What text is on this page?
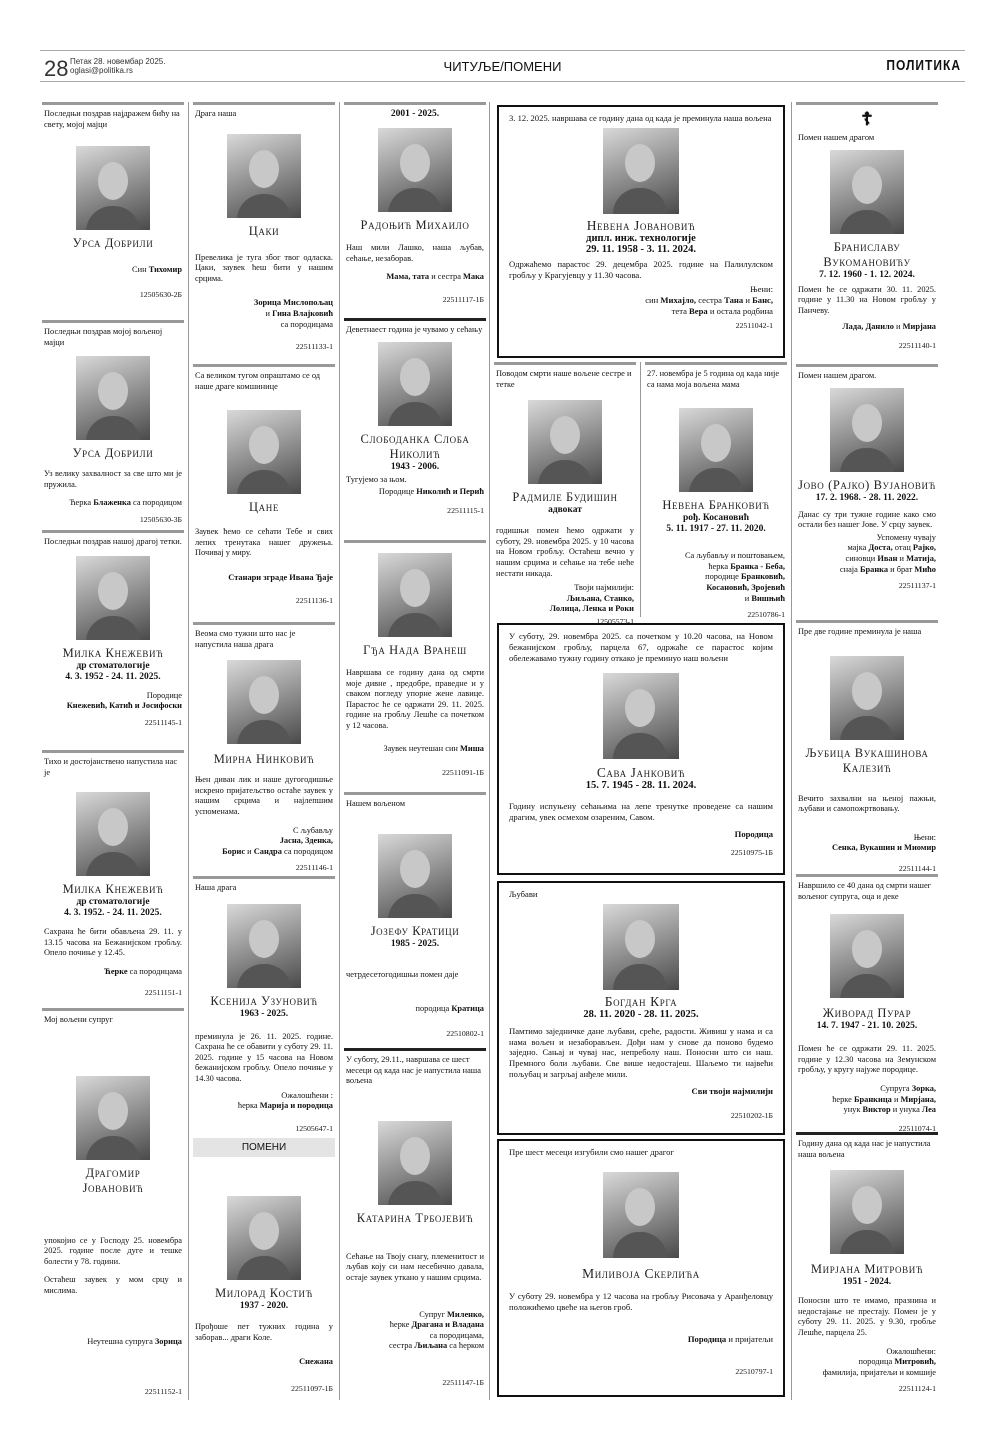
28 Петак 28. новембар 2025.
oglasi@politika.rs	ЧИТУЉЕ/ПОМЕНИ	ПОЛИТИКА
Последњи поздрав најдражем бићу на свету, мојој мајци
Урса Добрили
Син Тихомир
12505630-2Б
Последњи поздрав мојој вољеној мајци
Урса Добрили
Уз велику захвалност за све што ми је пружила.
Ћерка Блаженка са породицом
12505630-3Б
Последњи поздрав нашој драгој тетки.
Милка Кнежевић
др стоматологије
4. 3. 1952 - 24. 11. 2025.
Породице
Кнежевић, Катић и Јосифоски
22511145-1
Тихо и достојанствено напустила нас је
Милка Кнежевић
др стоматологије
4. 3. 1952. - 24. 11. 2025.
Сахрана ће бити обављена 29. 11. у 13.15 часова на Бежанијском гробљу. Опело почиње у 12.45.
Ћерке са породицама
22511151-1
Мој вољени супруг
Драгомир Јовановић
упокојио се у Господу 25. новембра 2025. године после дуге и тешке болести у 78. години.
Остаћеш заувек у мом срцу и мислима.
Неутешна супруга Зорица
22511152-1
Драга наша
Цаки
Превелика је туга због твог одласка. Цаки, заувек ћеш бити у нашим срцима.
Зорица Мислопољац
и Гина Влајковић
са породицама
22511133-1
Са великом тугом опраштамо се од наше драге комшинице
Цане
Заувек ћемо се сећати Тебе и свих лепих тренутака нашег дружења. Почивај у миру.
Станари зграде Ивана Ђаје
22511136-1
Веома смо тужни што нас је напустила наша драга
Мирна Нинковић
Њен диван лик и наше дугогодишње искрено пријатељство остаће заувек у нашим срцима и најлепшим успоменама.
С љубављу
Јасна, Зденка,
Борис и Сандра са породицом
22511146-1
Наша драга
Ксенија Узуновић
1963 - 2025.
преминула је 26. 11. 2025. године. Сахрана ће се обавити у суботу 29. 11. 2025. године у 15 часова на Новом бежанијском гробљу. Опело почиње у 14.30 часова.
Ожалошћени :
ћерка Марија и породица
12505647-1
ПОМЕНИ
Милорад Костић
1937 - 2020.
Прођоше пет тужних година у заборав... драги Коле.
Снежана
22511097-1Б
2001 - 2025.
Радоњић Михаило
Наш мили Лашко, наша љубав, сећање, незаборав.
Мама, тата и сестра Мака
22511117-1Б
Деветнаест година је чувамо у сећању
Слободанка Слоба Николић
1943 - 2006.
Тугујемо за њом.
Породице Николић и Перић
22511115-1
Гђа Нада Вранеш
Навршава се годину дана од смрти моје дивне , предобре, праведне и у сваком погледу упорне жене лавице. Парастос ће се одржати 29. 11. 2025. године на гробљу Лешће са почетком у 12 часова.
Заувек неутешан син Миша
22511091-1Б
Нашем вољеном
Јозефу Кратици
1985 - 2025.
четрдесетогодишњи помен даје
породица Кратица
22510802-1
У суботу, 29.11., навршава се шест месеци од када нас је напустила наша вољена
Катарина Трбојевић
Сећање на Твоју снагу, племенитост и љубав коју си нам несебично давала, остаје заувек уткано у нашим срцима.
Супруг Миленко,
ћерке Драгана и Владана
са породицама,
сестра Љиљана са ћерком
22511147-1Б
3. 12. 2025. навршава се годину дана од када је преминула наша вољена
Невена Јовановић
дипл. инж. технологије
29. 11. 1958 - 3. 11. 2024.
Одржаћемо парастос 29. децембра 2025. године на Палилулском гробљу у Крагујевцу у 11.30 часова.
Њени:
син Михајло, сестра Тана и Банс,
тета Вера и остала родбина
22511042-1
Поводом смрти наше вољене сестре и тетке
Радмиле Будишин
адвокат
годишњи помен ћемо одржати у суботу, 29. новембра 2025. у 10 часова на Новом гробљу. Остаћеш вечно у нашим срцима и сећање на тебе неће нестати никада.
Твоји најмилији:
Љиљана, Станко,
Лолица, Ленка и Роки
12505573-1
27. новембра је 5 година од када није са нама моја вољена мама
Невена Бранковић
рођ. Косановић
5. 11. 1917 - 27. 11. 2020.
Са љубављу и поштовањем,
ћерка Бранка - Беба,
породице Бранковић,
Косановић, Зројевић
и Вишњић
22510786-1
У суботу, 29. новембра 2025. са почетком у 10.20 часова, на Новом бежанијском гробљу, парцела 67, одржаће се парастос којим обележавамо тужну годину откако је преминуо наш вољени
Сава Јанковић
15. 7. 1945 - 28. 11. 2024.
Годину испуњену сећањима на лепе тренутке проведене са нашим драгим, увек осмехом озареним, Савом.
Породица
22510975-1Б
Љубави
Богдан Крга
28. 11. 2020 - 28. 11. 2025.
Памтимо заједничке дане љубави, среће, радости. Живиш у нама и са нама вољен и незаборављен. Дођи нам у снове да поново будемо заједно. Сањај и чувај нас, непреболу наш. Поносни што си наш. Премного боли љубави. Све више недостајеш. Шаљемо ти највећи пољубац и загрљај анђеле мили.
Сви твоји најмилији
22510202-1Б
Пре шест месеци изгубили смо нашег драгог
Миливоја Скерлића
У суботу 29. новембра у 12 часова на гробљу Рисовача у Аранђеловцу положићемо цвеће на његов гроб.
Породица и пријатељи
22510797-1
☦
Помен нашем драгом
Браниславу Вукомановићу
7. 12. 1960 - 1. 12. 2024.
Помен ће се одржати 30. 11. 2025. године у 11.30 на Новом гробљу у Панчеву.
Лада, Данило и Мирјана
22511140-1
Помен нашем драгом.
Јово (Рајко) Вујановић
17. 2. 1968. - 28. 11. 2022.
Данас су три тужне године како смо остали без нашег Јове. У срцу заувек.
Успомену чувају
мајка Доста, отац Рајко,
синовци Иван и Матија,
снаја Бранка и брат Мићо
22511137-1
Пре две године преминула је наша
Љубица Вукашинова Калезић
Вечито захвални на њеној пажњи, љубави и самопожртвовању.
Њени:
Сенка, Вукашин и Миомир
22511144-1
Навршило се 40 дана од смрти нашег вољеног супруга, оца и деке
Живорад Пурар
14. 7. 1947 - 21. 10. 2025.
Помен ће се одржати 29. 11. 2025. године у 12.30 часова на Земунском гробљу, у кругу најуже породице.
Супруга Зорка,
ћерке Бранкица и Мирјана,
унук Виктор и унука Леа
22511074-1
Годину дана од када нас је напустила наша вољена
Мирјана Митровић
1951 - 2024.
Поносни што те имамо, празнина и недостајање не престају. Помен је у суботу 29. 11. 2025. у 9.30, гробље Лешће, парцела 25.
Ожалошћени:
породица Митровић,
фамилија, пријатељи и комшије
22511124-1
